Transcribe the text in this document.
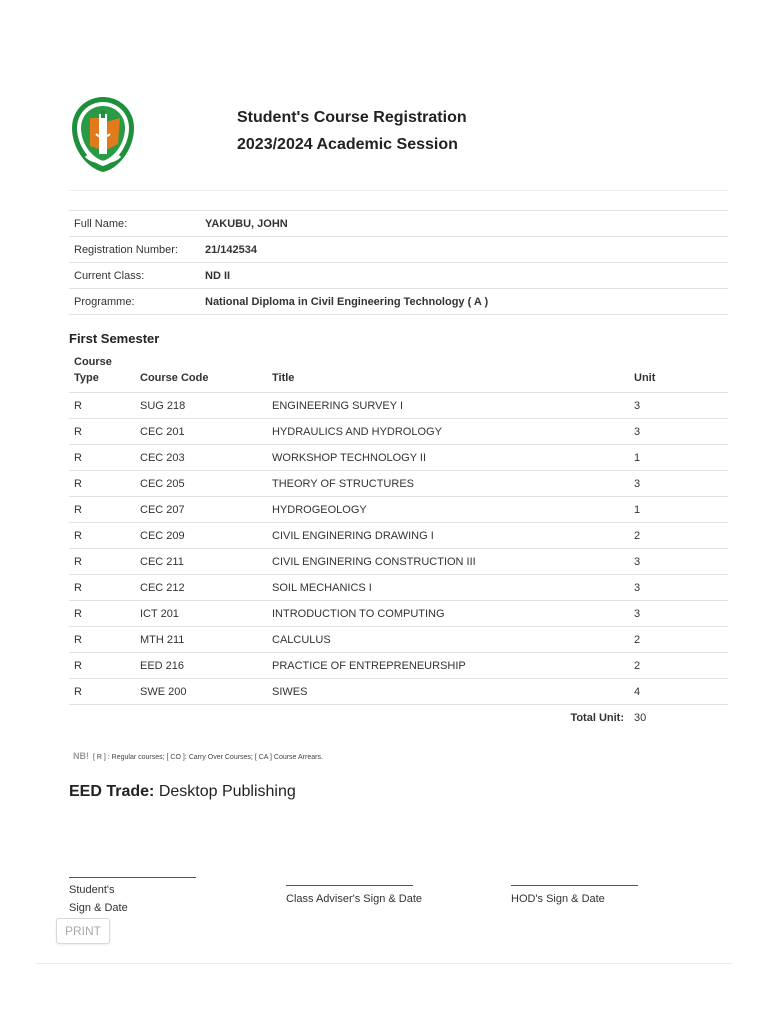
Student's Course Registration
2023/2024 Academic Session
Full Name:	YAKUBU, JOHN
Registration Number:	21/142534
Current Class:	ND II
Programme:	National Diploma in Civil Engineering Technology ( A )
First Semester
Course
Type	Course Code	Title	Unit
R	SUG 218	ENGINEERING SURVEY I	3
R	CEC 201	HYDRAULICS AND HYDROLOGY	3
R	CEC 203	WORKSHOP TECHNOLOGY II	1
R	CEC 205	THEORY OF STRUCTURES	3
R	CEC 207	HYDROGEOLOGY	1
R	CEC 209	CIVIL ENGINERING DRAWING I	2
R	CEC 211	CIVIL ENGINERING CONSTRUCTION III	3
R	CEC 212	SOIL MECHANICS I	3
R	ICT 201	INTRODUCTION TO COMPUTING	3
R	MTH 211	CALCULUS	2
R	EED 216	PRACTICE OF ENTREPRENEURSHIP	2
R	SWE 200	SIWES	4
Total Unit:			30
NB! [ R ] : Regular courses; [ CO ]: Carry Over Courses; [ CA ] Course Arrears.
EED Trade: Desktop Publishing
Student's
Sign & Date
Class Adviser's Sign & Date	HOD's Sign & Date
PRINT
